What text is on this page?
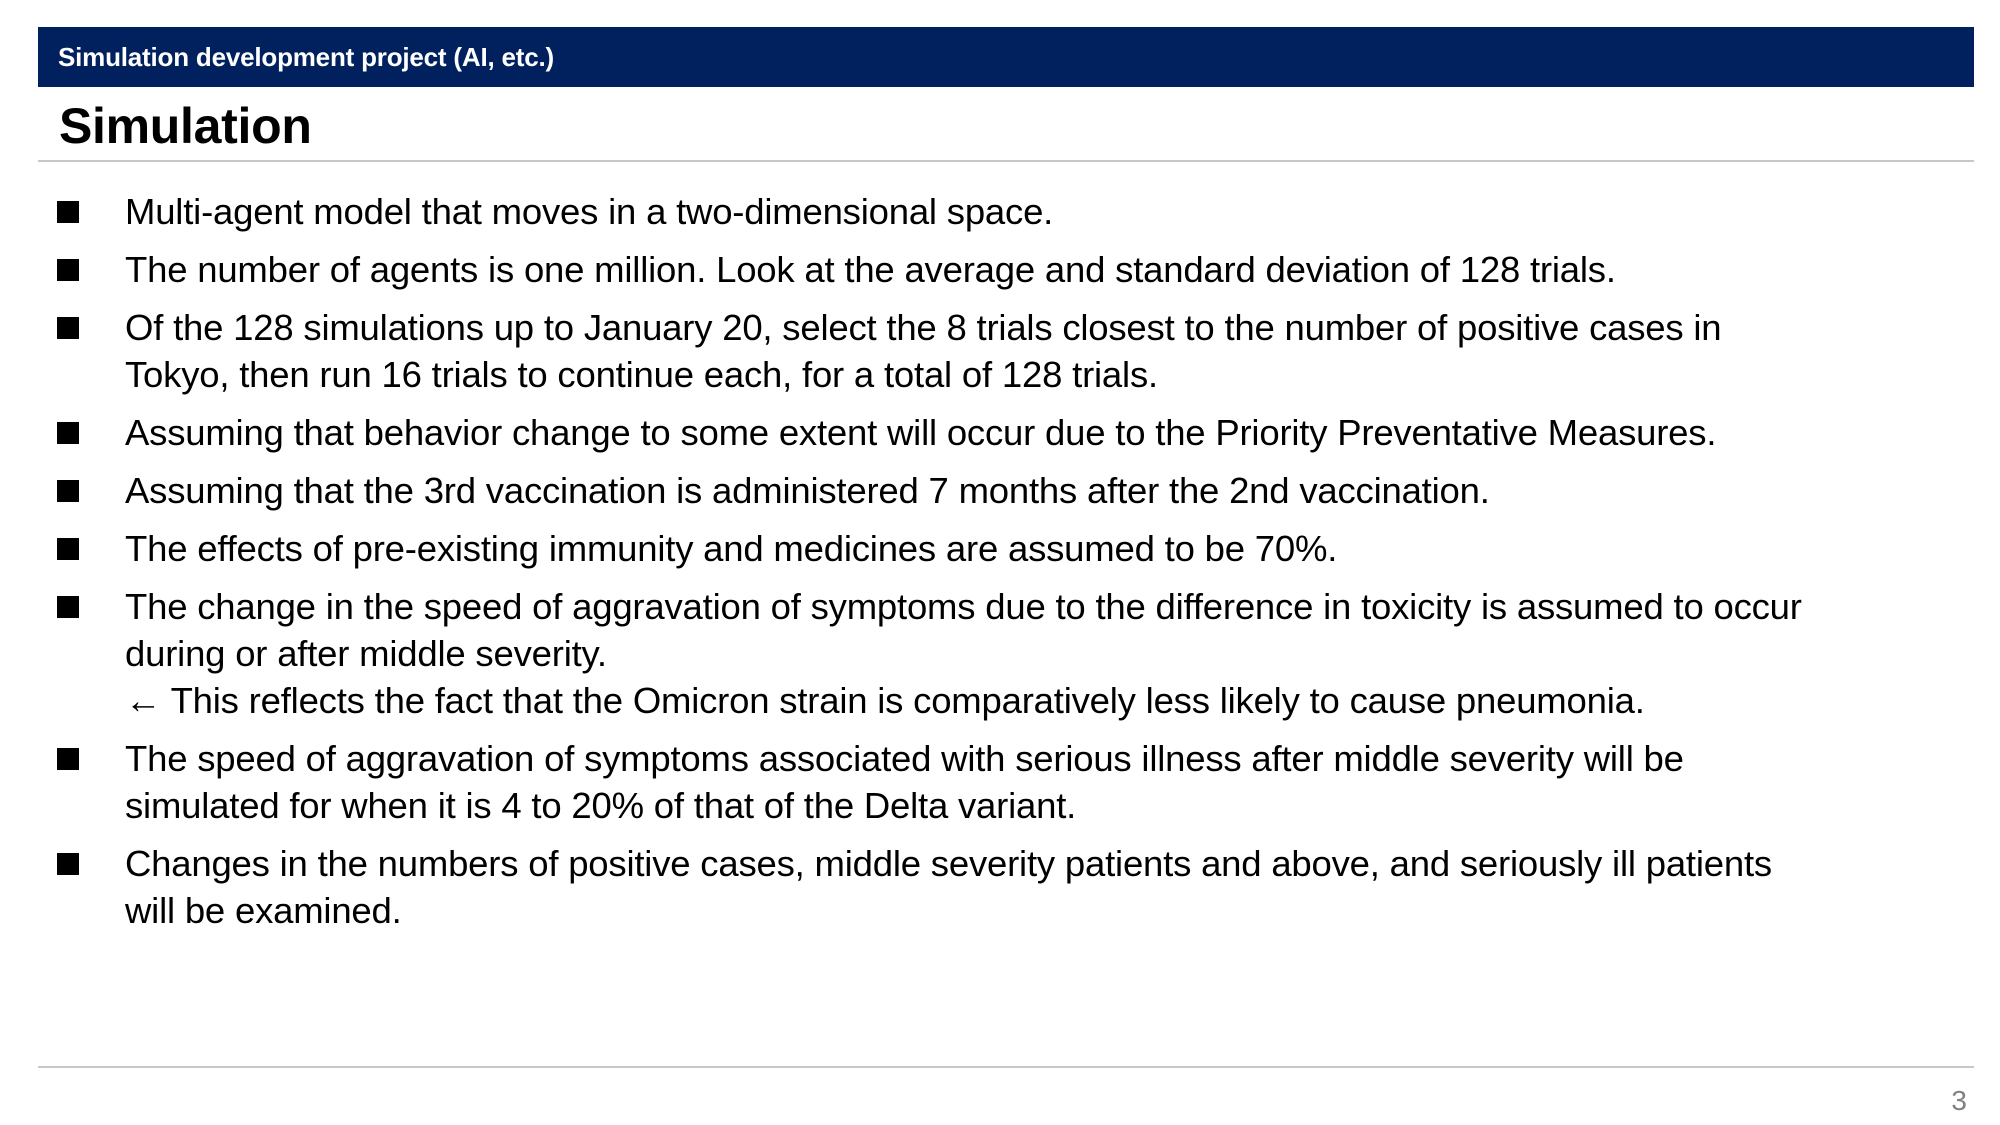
Simulation development project (AI, etc.)
Simulation
Multi-agent model that moves in a two-dimensional space.
The number of agents is one million. Look at the average and standard deviation of 128 trials.
Of the 128 simulations up to January 20, select the 8 trials closest to the number of positive cases in
Tokyo, then run 16 trials to continue each, for a total of 128 trials.
Assuming that behavior change to some extent will occur due to the Priority Preventative Measures.
Assuming that the 3rd vaccination is administered 7 months after the 2nd vaccination.
The effects of pre-existing immunity and medicines are assumed to be 70%.
The change in the speed of aggravation of symptoms due to the difference in toxicity is assumed to occur
during or after middle severity.
← This reflects the fact that the Omicron strain is comparatively less likely to cause pneumonia.
The speed of aggravation of symptoms associated with serious illness after middle severity will be
simulated for when it is 4 to 20% of that of the Delta variant.
Changes in the numbers of positive cases, middle severity patients and above, and seriously ill patients
will be examined.
3
